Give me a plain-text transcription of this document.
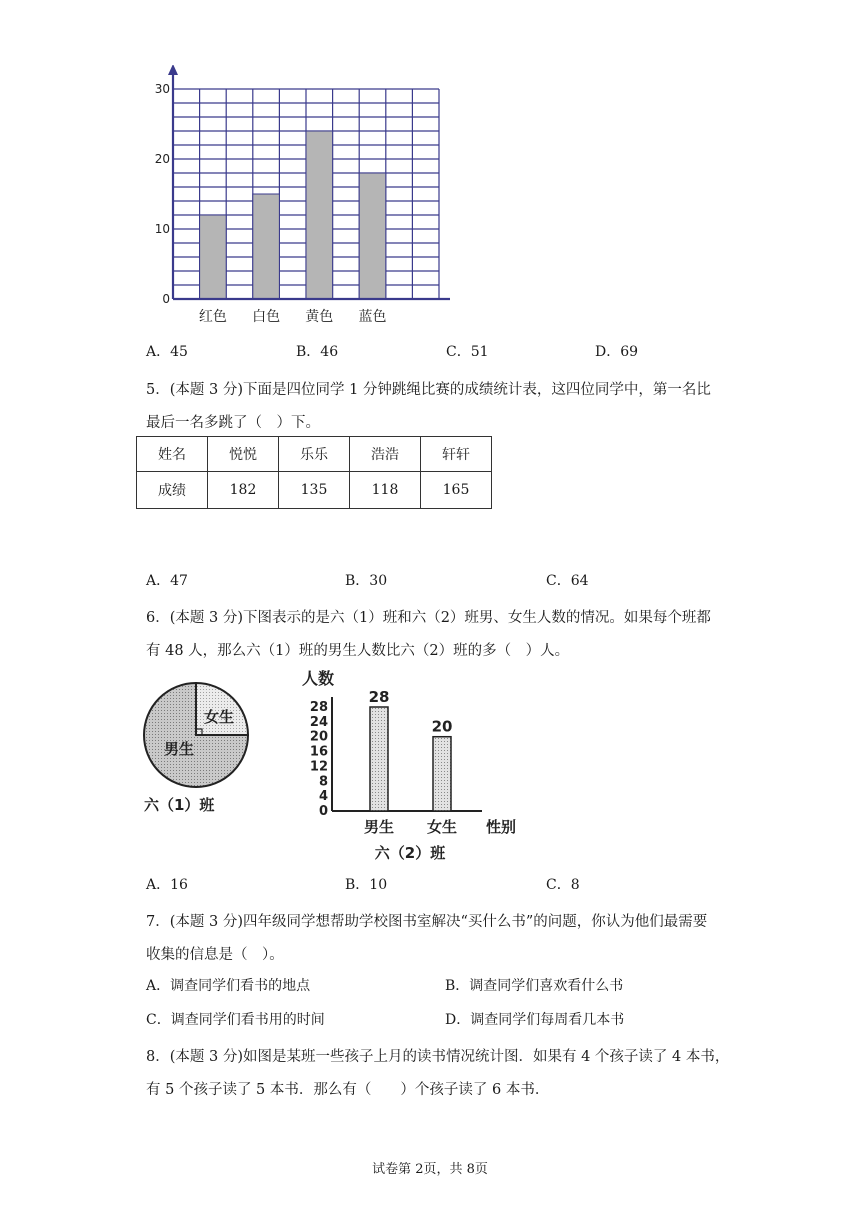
红色 白色 黄色 蓝色
0
10
20
30
A．45	B．46	C．51	D．69
5．(本题 3 分)下面是四位同学 1 分钟跳绳比赛的成绩统计表，这四位同学中，第一名比
最后一名多跳了（　）下。
姓名	悦悦	乐乐	浩浩	轩轩
成绩	182	135	118	165
A．47	B．30	C．64
6．(本题 3 分)下图表示的是六（1）班和六（2）班男、女生人数的情况。如果每个班都
有 48 人，那么六（1）班的男生人数比六（2）班的多（　）人。
女生
男生
六（1）班
人数
0
4
8
12
16
20
24
28
28
男生
20
女生 性别
六（2）班
A．16	B．10	C．8
7．(本题 3 分)四年级同学想帮助学校图书室解决“买什么书”的问题，你认为他们最需要
收集的信息是（　）。
A．调查同学们看书的地点	B．调查同学们喜欢看什么书
C．调查同学们看书用的时间	D．调查同学们每周看几本书
8．(本题 3 分)如图是某班一些孩子上月的读书情况统计图．如果有 4 个孩子读了 4 本书，
有 5 个孩子读了 5 本书．那么有（　　）个孩子读了 6 本书．
试卷第 2页，共 8页
